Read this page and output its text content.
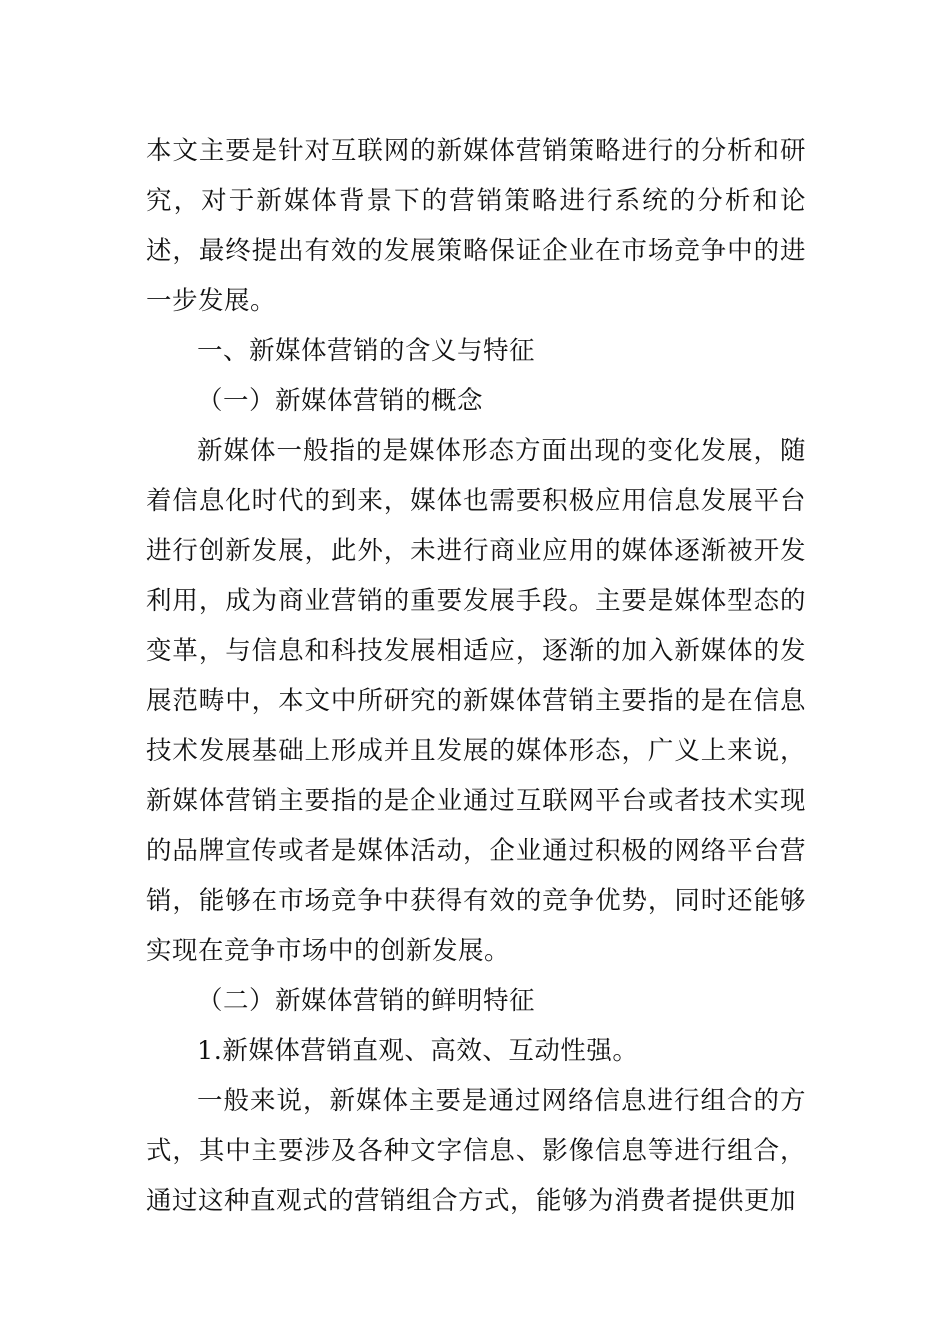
本文主要是针对互联网的新媒体营销策略进行的分析和研究，对于新媒体背景下的营销策略进行系统的分析和论述，最终提出有效的发展策略保证企业在市场竞争中的进一步发展。

一、新媒体营销的含义与特征

（一）新媒体营销的概念

新媒体一般指的是媒体形态方面出现的变化发展，随着信息化时代的到来，媒体也需要积极应用信息发展平台进行创新发展，此外，未进行商业应用的媒体逐渐被开发利用，成为商业营销的重要发展手段。主要是媒体型态的变革，与信息和科技发展相适应，逐渐的加入新媒体的发展范畴中，本文中所研究的新媒体营销主要指的是在信息技术发展基础上形成并且发展的媒体形态，广义上来说，新媒体营销主要指的是企业通过互联网平台或者技术实现的品牌宣传或者是媒体活动，企业通过积极的网络平台营销，能够在市场竞争中获得有效的竞争优势，同时还能够实现在竞争市场中的创新发展。

（二）新媒体营销的鲜明特征

1.新媒体营销直观、高效、互动性强。

一般来说，新媒体主要是通过网络信息进行组合的方式，其中主要涉及各种文字信息、影像信息等进行组合，通过这种直观式的营销组合方式，能够为消费者提供更加
